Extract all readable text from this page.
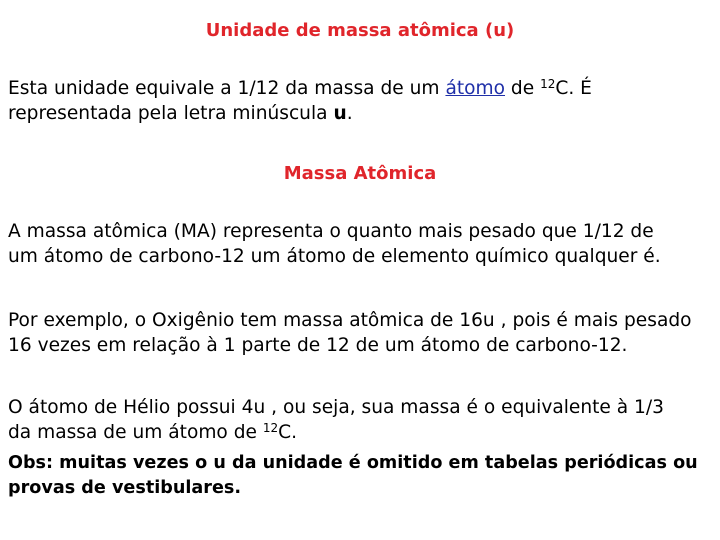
Unidade de massa atômica (u)
Esta unidade equivale a 1/12 da massa de um átomo de $^{12}$C. É
representada pela letra minúscula u.
Massa Atômica
A massa atômica (MA) representa o quanto mais pesado que 1/12 de
um átomo de carbono-12 um átomo de elemento químico qualquer é.
Por exemplo, o Oxigênio tem massa atômica de 16u , pois é mais pesado
16 vezes em relação à 1 parte de 12 de um átomo de carbono-12.
O átomo de Hélio possui 4u , ou seja, sua massa é o equivalente à 1/3
da massa de um átomo de $^{12}$C.
Obs: muitas vezes o u da unidade é omitido em tabelas periódicas ou
provas de vestibulares.
